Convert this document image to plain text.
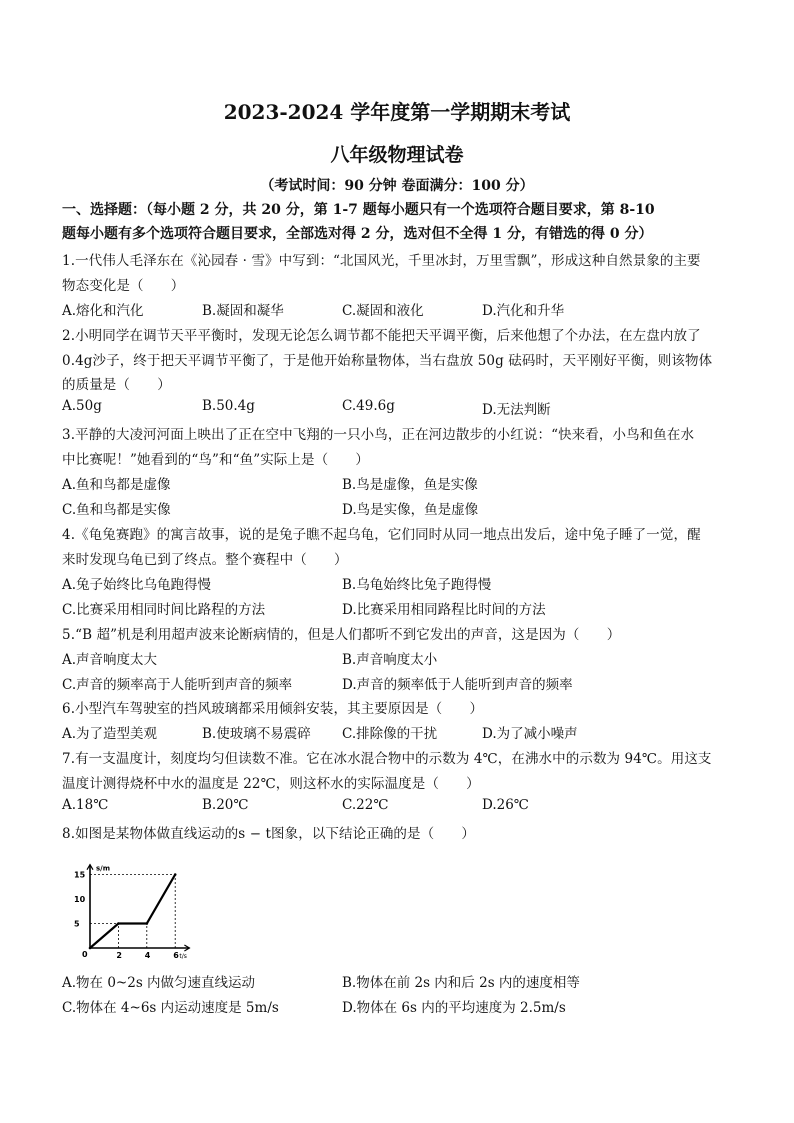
2023-2024 学年度第一学期期末考试
八年级物理试卷
（考试时间：90 分钟 卷面满分：100 分）
一、选择题：（每小题 2 分，共 20 分，第 1-7 题每小题只有一个选项符合题目要求，第 8-10
题每小题有多个选项符合题目要求，全部选对得 2 分，选对但不全得 1 分，有错选的得 0 分）
1.一代伟人毛泽东在《沁园春 · 雪》中写到：“北国风光，千里冰封，万里雪飘”，形成这种自然景象的主要
物态变化是（　　）
A.熔化和汽化	B.凝固和凝华	C.凝固和液化	D.汽化和升华
2.小明同学在调节天平平衡时，发现无论怎么调节都不能把天平调平衡，后来他想了个办法，在左盘内放了
0.4g沙子，终于把天平调节平衡了，于是他开始称量物体，当右盘放 50g 砝码时，天平刚好平衡，则该物体
的质量是（　　）
A.50g	B.50.4g	C.49.6g	D.无法判断
3.平静的大凌河河面上映出了正在空中飞翔的一只小鸟，正在河边散步的小红说：“快来看，小鸟和鱼在水
中比赛呢！”她看到的“鸟”和“鱼”实际上是（　　）
A.鱼和鸟都是虚像	B.鸟是虚像，鱼是实像
C.鱼和鸟都是实像	D.鸟是实像，鱼是虚像
4.《龟兔赛跑》的寓言故事，说的是兔子瞧不起乌龟，它们同时从同一地点出发后，途中兔子睡了一觉，醒
来时发现乌龟已到了终点。整个赛程中（　　）
A.兔子始终比乌龟跑得慢	B.乌龟始终比兔子跑得慢
C.比赛采用相同时间比路程的方法	D.比赛采用相同路程比时间的方法
5.“B 超”机是利用超声波来论断病情的，但是人们都听不到它发出的声音，这是因为（　　）
A.声音响度太大	B.声音响度太小
C.声音的频率高于人能听到声音的频率	D.声音的频率低于人能听到声音的频率
6.小型汽车驾驶室的挡风玻璃都采用倾斜安装，其主要原因是（　　）
A.为了造型美观	B.使玻璃不易震碎 C.排除像的干扰	D.为了减小噪声
7.有一支温度计，刻度均匀但读数不准。它在冰水混合物中的示数为 4℃，在沸水中的示数为 94℃。用这支
温度计测得烧杯中水的温度是 22℃，则这杯水的实际温度是（　　）
A.18℃	B.20℃	C.22℃	D.26℃
8.如图是某物体做直线运动的s − t图象，以下结论正确的是（　　）
s/m
t/s
0
5
10
15
2	4	6
A.物在 0~2s 内做匀速直线运动	B.物体在前 2s 内和后 2s 内的速度相等
C.物体在 4~6s 内运动速度是 5m/s	D.物体在 6s 内的平均速度为 2.5m/s
